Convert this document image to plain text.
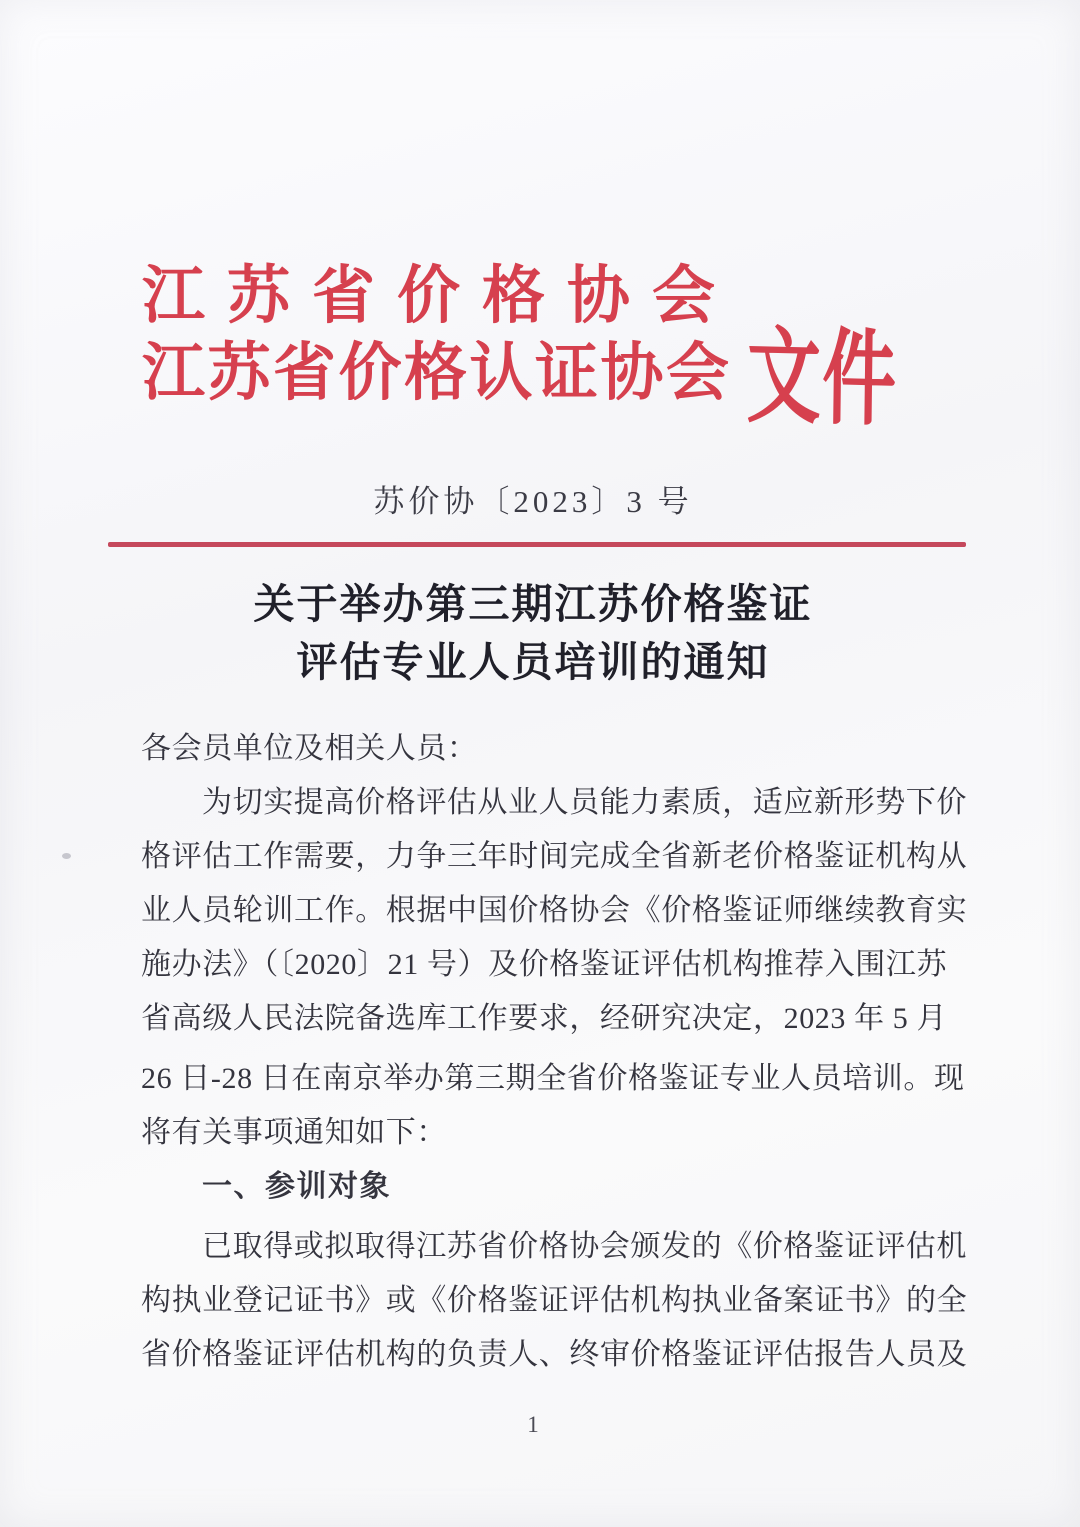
江苏省价格协会
江苏省价格认证协会 文件
苏价协〔2023〕3 号
关于举办第三期江苏价格鉴证
评估专业人员培训的通知
各会员单位及相关人员：
为切实提高价格评估从业人员能力素质，适应新形势下价
格评估工作需要，力争三年时间完成全省新老价格鉴证机构从
业人员轮训工作。根据中国价格协会《价格鉴证师继续教育实
施办法》（〔2020〕21 号）及价格鉴证评估机构推荐入围江苏
省高级人民法院备选库工作要求，经研究决定，2023 年 5 月
26 日-28 日在南京举办第三期全省价格鉴证专业人员培训。现
将有关事项通知如下：
一、参训对象
已取得或拟取得江苏省价格协会颁发的《价格鉴证评估机
构执业登记证书》或《价格鉴证评估机构执业备案证书》的全
省价格鉴证评估机构的负责人、终审价格鉴证评估报告人员及
1
